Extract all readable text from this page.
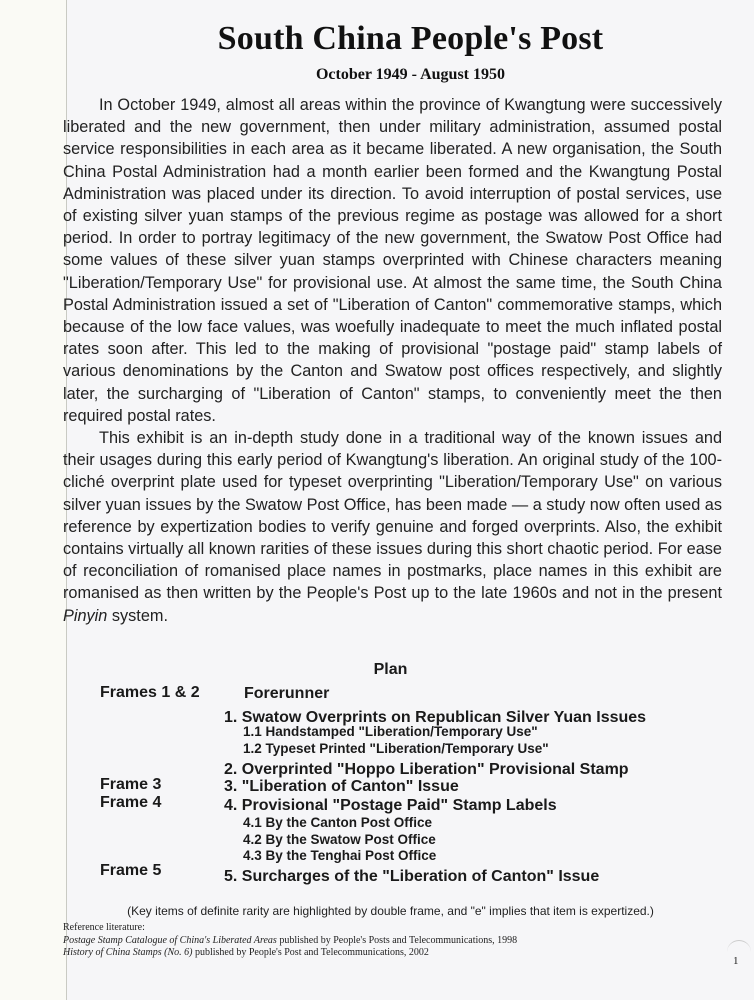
South China People's Post
October 1949 - August 1950

In October 1949, almost all areas within the province of Kwangtung were successively liberated and the new government, then under military administration, assumed postal service responsibilities in each area as it became liberated. A new organisation, the South China Postal Administration had a month earlier been formed and the Kwangtung Postal Administration was placed under its direction. To avoid interruption of postal services, use of existing silver yuan stamps of the previous regime as postage was allowed for a short period. In order to portray legitimacy of the new government, the Swatow Post Office had some values of these silver yuan stamps overprinted with Chinese characters meaning "Liberation/Temporary Use" for provisional use. At almost the same time, the South China Postal Administration issued a set of "Liberation of Canton" commemorative stamps, which because of the low face values, was woefully inadequate to meet the much inflated postal rates soon after. This led to the making of provisional "postage paid" stamp labels of various denominations by the Canton and Swatow post offices respectively, and slightly later, the surcharging of "Liberation of Canton" stamps, to conveniently meet the then required postal rates.

This exhibit is an in-depth study done in a traditional way of the known issues and their usages during this early period of Kwangtung's liberation. An original study of the 100-cliché overprint plate used for typeset overprinting "Liberation/Temporary Use" on various silver yuan issues by the Swatow Post Office, has been made — a study now often used as reference by expertization bodies to verify genuine and forged overprints. Also, the exhibit contains virtually all known rarities of these issues during this short chaotic period. For ease of reconciliation of romanised place names in postmarks, place names in this exhibit are romanised as then written by the People's Post up to the late 1960s and not in the present Pinyin system.

Plan
Frames 1 & 2	Forerunner
1. Swatow Overprints on Republican Silver Yuan Issues
1.1 Handstamped "Liberation/Temporary Use"
1.2 Typeset Printed "Liberation/Temporary Use"
2. Overprinted "Hoppo Liberation" Provisional Stamp
Frame 3	3. "Liberation of Canton" Issue
Frame 4	4. Provisional "Postage Paid" Stamp Labels
4.1 By the Canton Post Office
4.2 By the Swatow Post Office
4.3 By the Tenghai Post Office
Frame 5	5. Surcharges of the "Liberation of Canton" Issue
(Key items of definite rarity are highlighted by double frame, and "e" implies that item is expertized.)
Reference literature:
Postage Stamp Catalogue of China's Liberated Areas published by People's Posts and Telecommunications, 1998
History of China Stamps (No. 6) published by People's Post and Telecommunications, 2002
1
